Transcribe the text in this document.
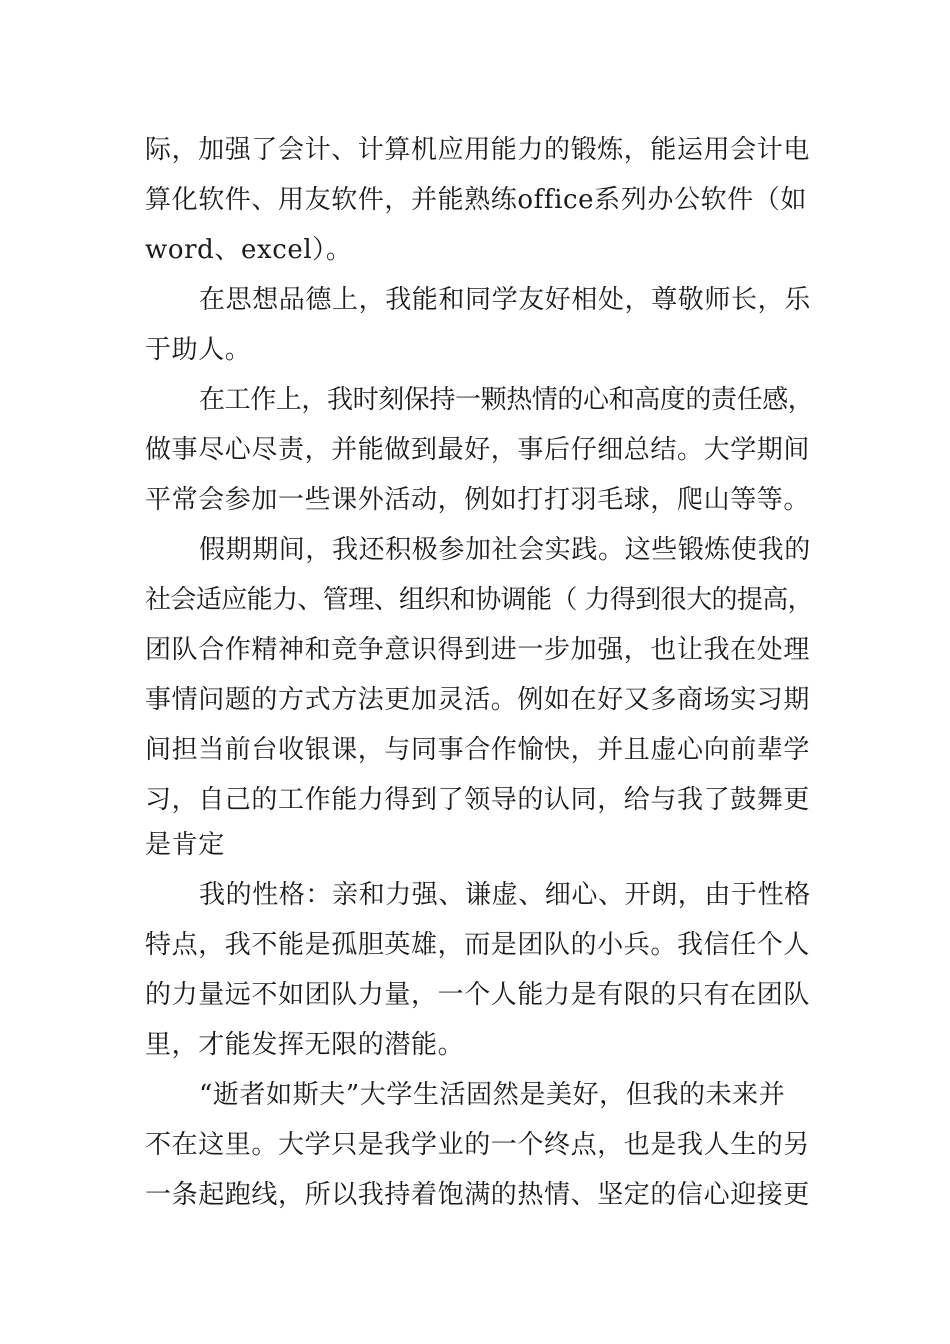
际，加强了会计、计算机应用能力的锻炼，能运用会计电
算化软件、用友软件，并能熟练office系列办公软件（如
word、excel）。
在思想品德上，我能和同学友好相处，尊敬师长，乐
于助人。
在工作上，我时刻保持一颗热情的心和高度的责任感，
做事尽心尽责，并能做到最好，事后仔细总结。大学期间
平常会参加一些课外活动，例如打打羽毛球，爬山等等。
假期期间，我还积极参加社会实践。这些锻炼使我的
社会适应能力、管理、组织和协调能（ 力得到很大的提高，
团队合作精神和竞争意识得到进一步加强，也让我在处理
事情问题的方式方法更加灵活。例如在好又多商场实习期
间担当前台收银课，与同事合作愉快，并且虚心向前辈学
习，自己的工作能力得到了领导的认同，给与我了鼓舞更
是肯定
我的性格：亲和力强、谦虚、细心、开朗，由于性格
特点，我不能是孤胆英雄，而是团队的小兵。我信任个人
的力量远不如团队力量，一个人能力是有限的只有在团队
里，才能发挥无限的潜能。
“逝者如斯夫”大学生活固然是美好，但我的未来并
不在这里。大学只是我学业的一个终点，也是我人生的另
一条起跑线，所以我持着饱满的热情、坚定的信心迎接更
